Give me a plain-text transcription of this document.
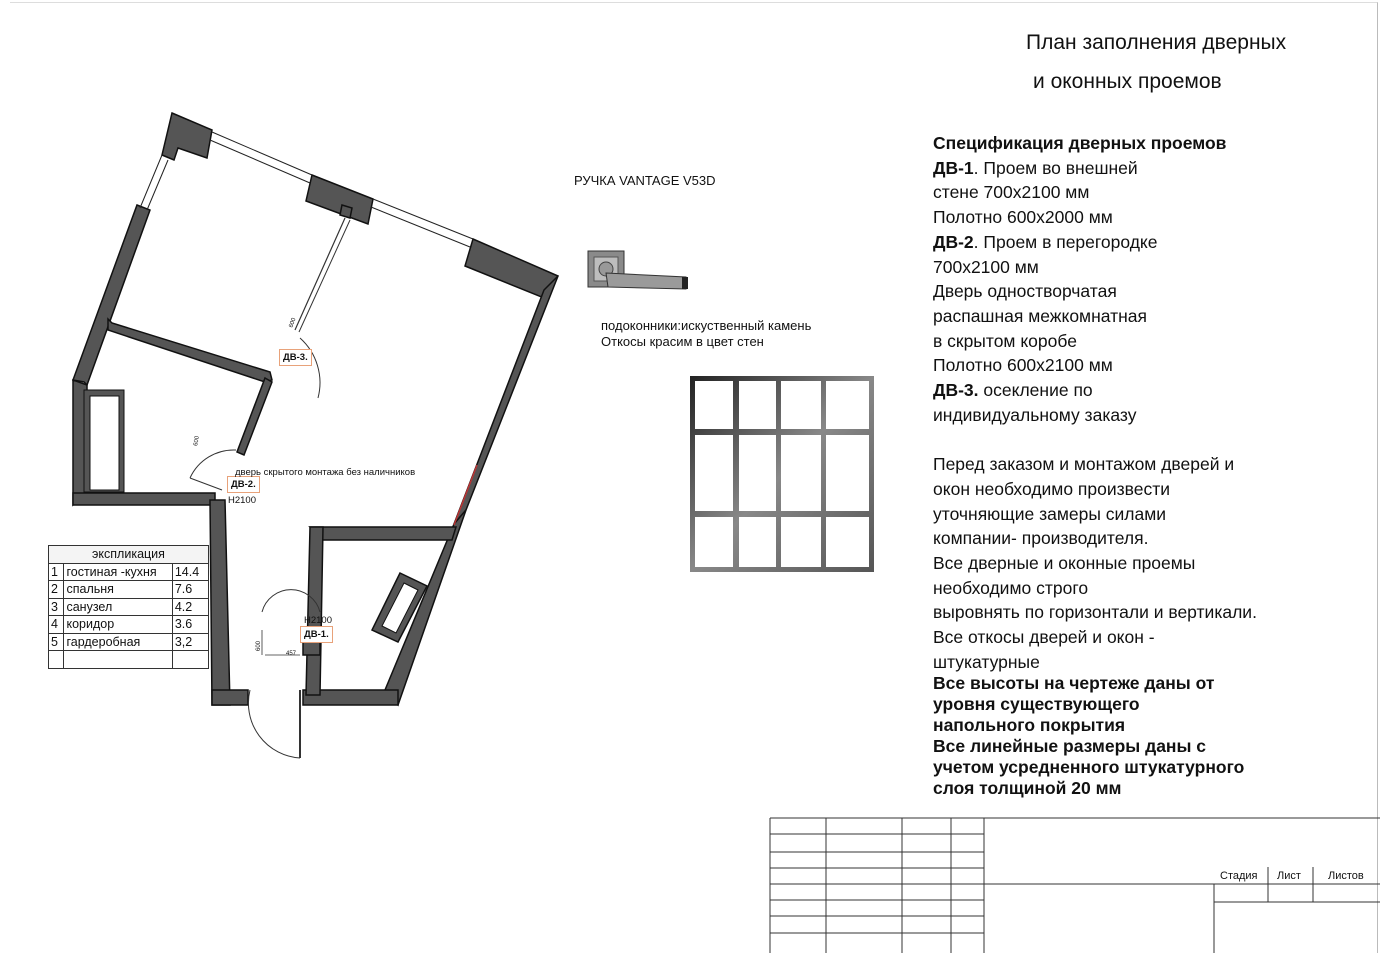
План заполнения дверных
и оконных проемов
ДВ-3.
ДВ-2.
ДВ-1.
Н2100
Н2100
дверь скрытого монтажа без наличников
600
600
600
457
экспликация		
1	гостиная -кухня	14.4
2	спальня	7.6
3	санузел	4.2
4	коридор	3.6
5	гардеробная	3,2

РУЧКА VANTAGE V53D
подоконники:искуственный камень
Откосы красим в цвет стен
Спецификация дверных проемов
ДВ-1. Проем во внешней
стене 700х2100 мм
Полотно 600х2000 мм
ДВ-2. Проем в перегородке
700х2100 мм
Дверь одностворчатая
распашная межкомнатная
в скрытом коробе
Полотно 600х2100 мм
ДВ-3. осекление по
индивидуальному заказу
Перед заказом и монтажом дверей и
окон необходимо произвести
уточняющие замеры силами
компании- производителя.
Все дверные и оконные проемы
необходимо строго
выровнять по горизонтали и вертикали.
Все откосы дверей и окон -
штукатурные
Все высоты на чертеже даны от
уровня существующего
напольного покрытия
Все линейные размеры даны с
учетом усредненного штукатурного
слоя толщиной 20 мм
Стадия Лист Листов
